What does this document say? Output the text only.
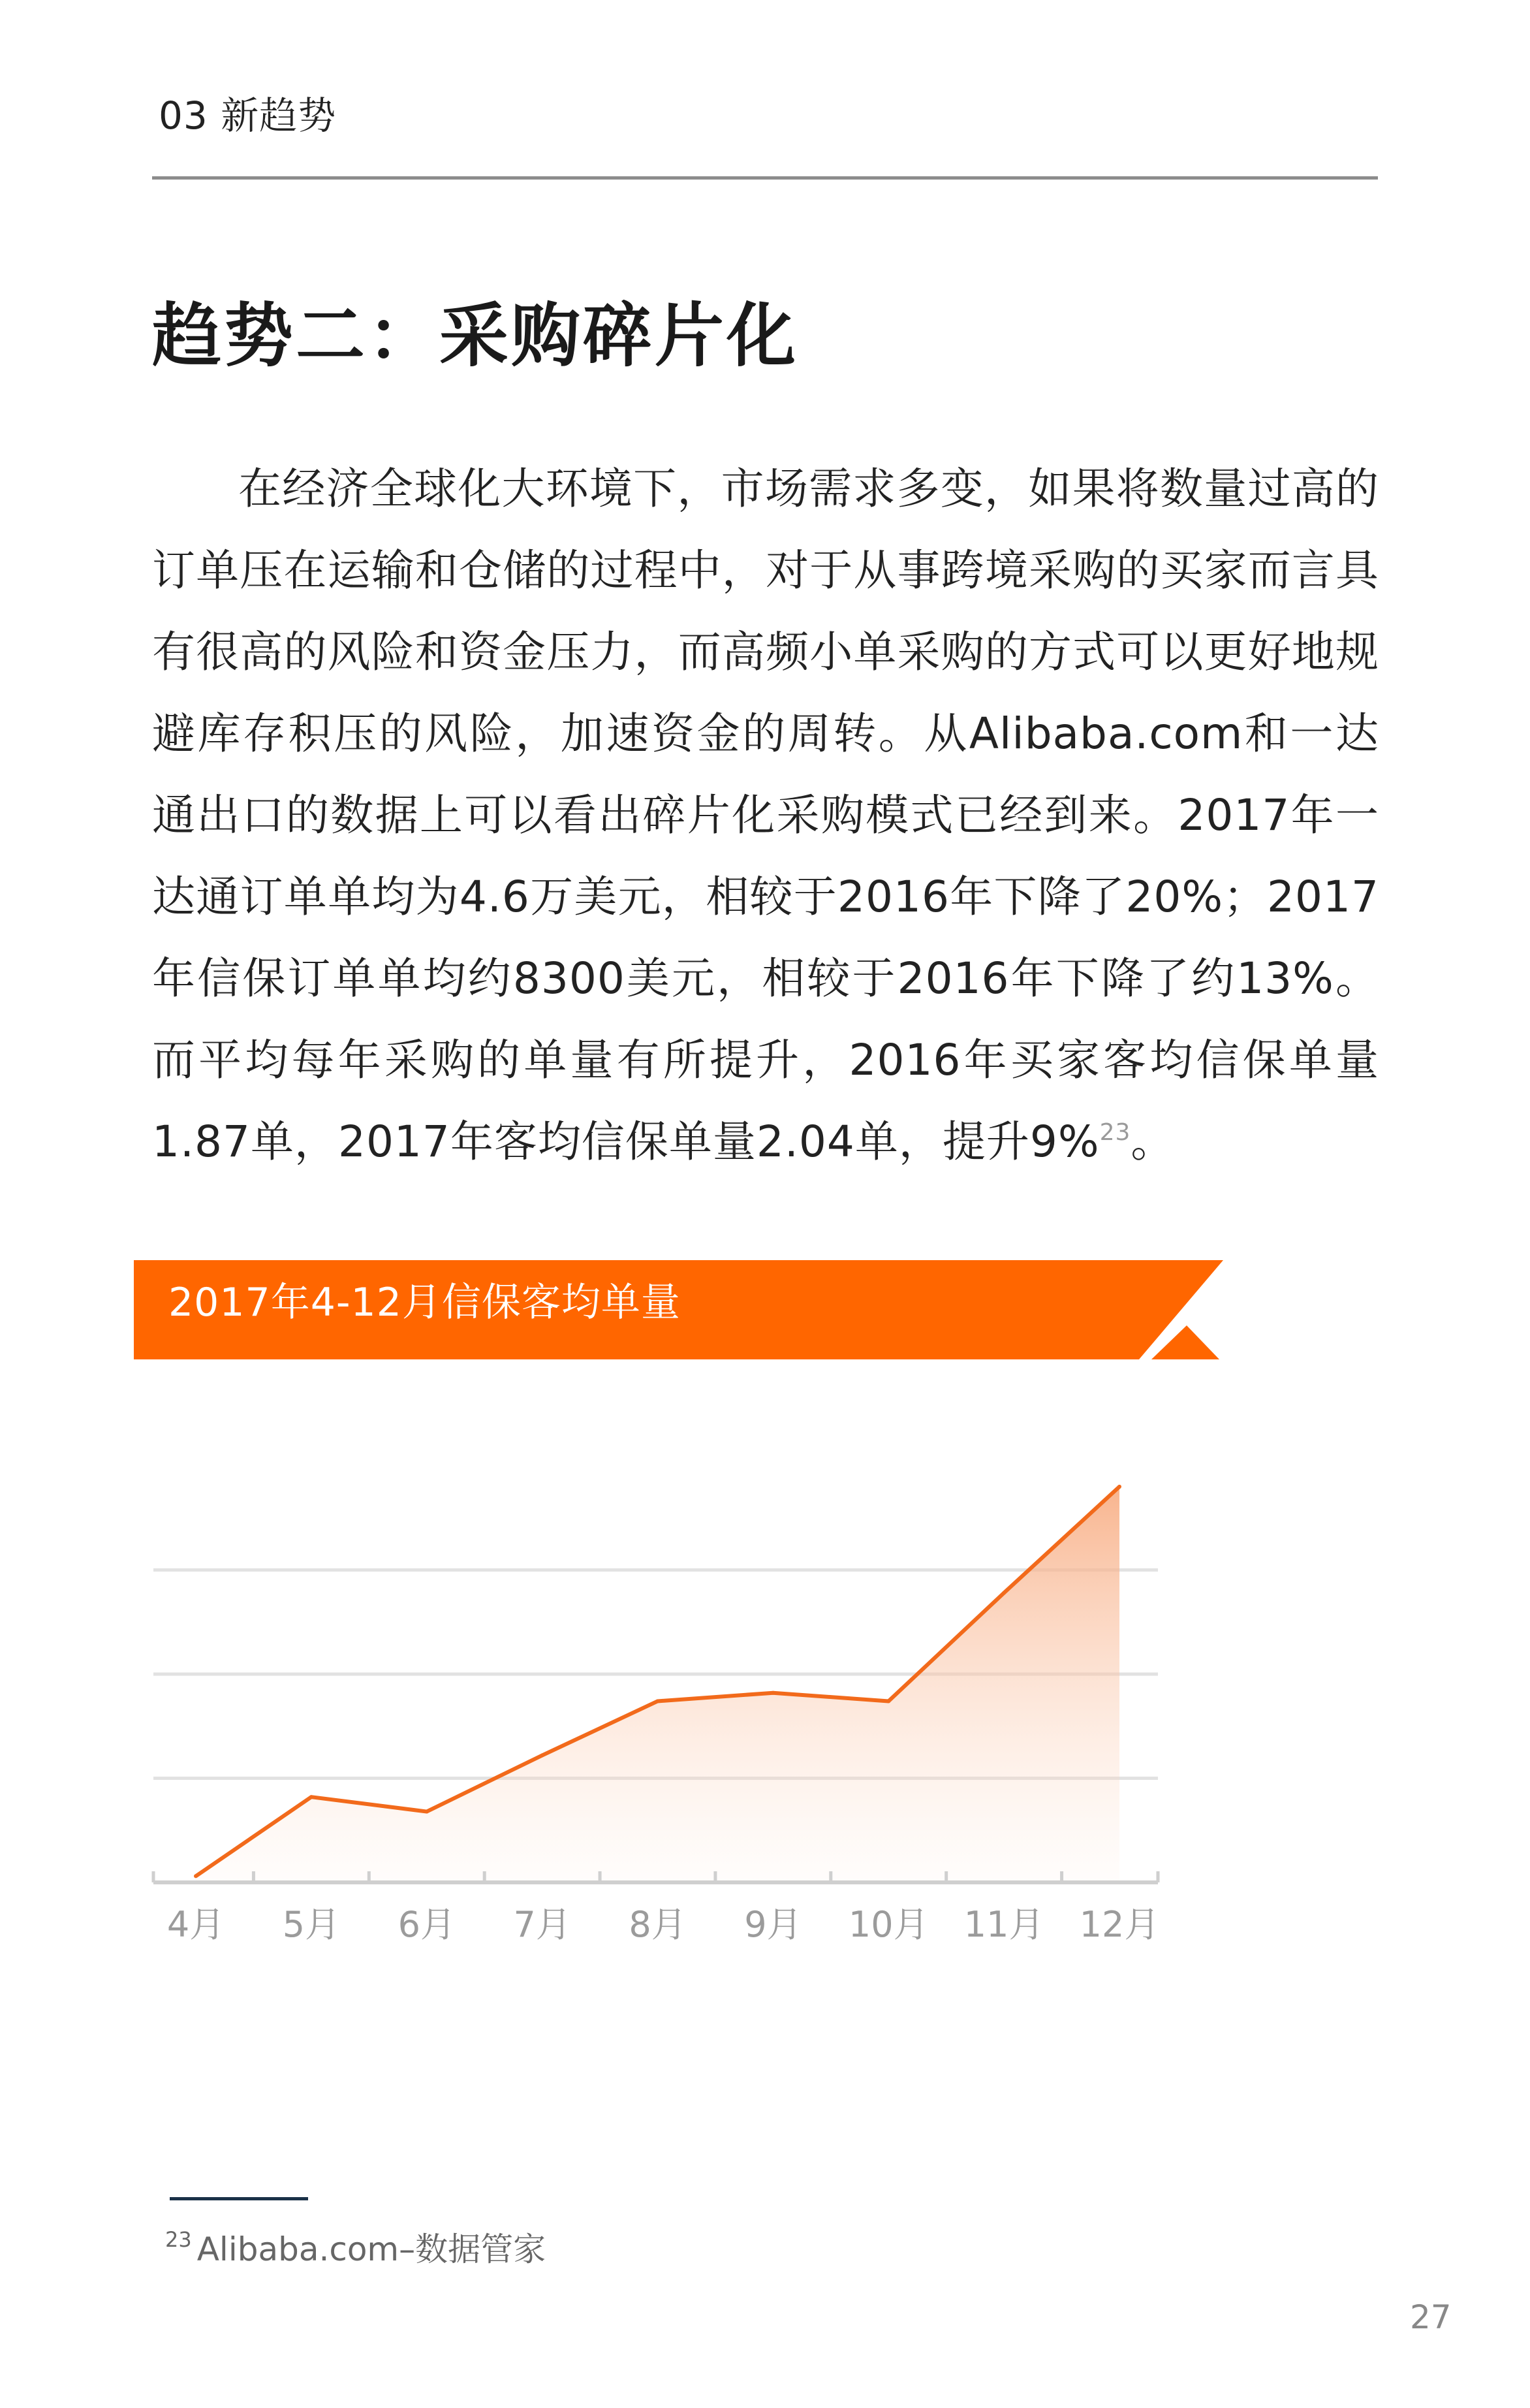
03 新趋势
趋势二：采购碎片化

在经济全球化大环境下，市场需求多变，如果将数量过高的订单压在运输和仓储的过程中，对于从事跨境采购的买家而言具有很高的风险和资金压力，而高频小单采购的方式可以更好地规避库存积压的风险，加速资金的周转。从Alibaba.com和一达通出口的数据上可以看出碎片化采购模式已经到来。2017年一达通订单单均为4.6万美元，相较于2016年下降了20%；2017年信保订单单均约8300美元，相较于2016年下降了约13%。而平均每年采购的单量有所提升，2016年买家客均信保单量1.87单，2017年客均信保单量2.04单，提升9%$^{23}$。

4月 5月 6月 7月 8月 9月 10月 11月 12月
2017年4-12月信保客均单量
$^{23}$ Alibaba.com–数据管家
27
